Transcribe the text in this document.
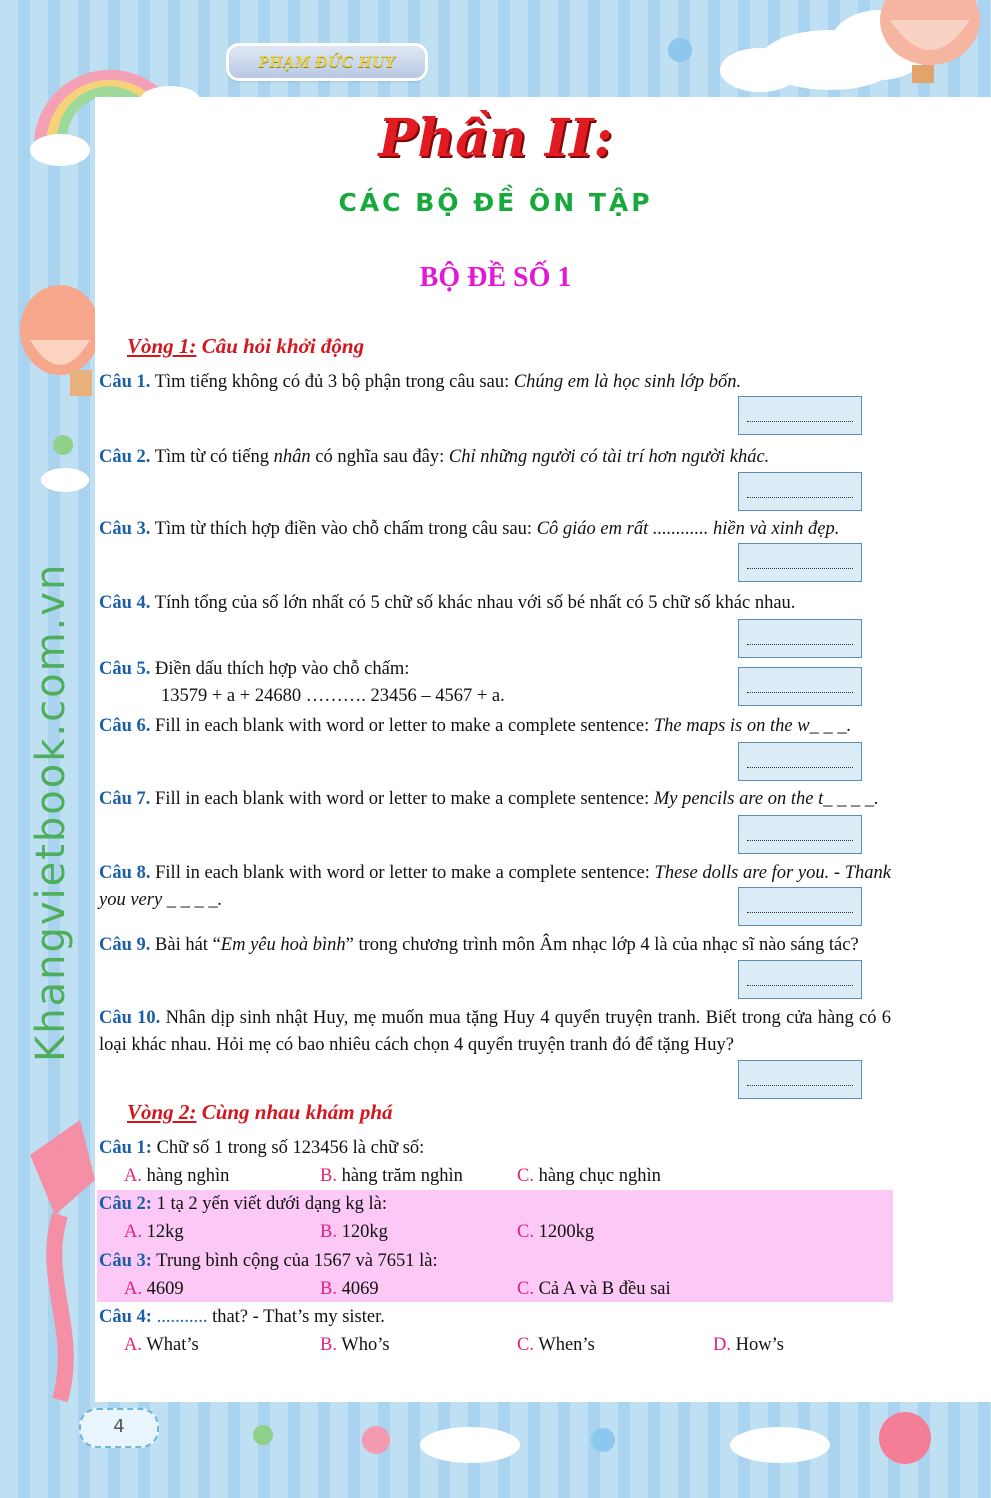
PHẠM ĐỨC HUY
Khangvietbook.com.vn
Phần II:
CÁC BỘ ĐỀ ÔN TẬP
BỘ ĐỀ SỐ 1
Vòng 1: Câu hỏi khởi động
Câu 1. Tìm tiếng không có đủ 3 bộ phận trong câu sau: Chúng em là học sinh lớp bốn.
Câu 2. Tìm từ có tiếng nhân có nghĩa sau đây: Chỉ những người có tài trí hơn người khác.
Câu 3. Tìm từ thích hợp điền vào chỗ chấm trong câu sau: Cô giáo em rất ............ hiền và xinh đẹp.
Câu 4. Tính tổng của số lớn nhất có 5 chữ số khác nhau với số bé nhất có 5 chữ số khác nhau.
Câu 5. Điền dấu thích hợp vào chỗ chấm:
13579 + a + 24680 ………. 23456 – 4567 + a.
Câu 6. Fill in each blank with word or letter to make a complete sentence: The maps is on the w_ _ _.
Câu 7. Fill in each blank with word or letter to make a complete sentence: My pencils are on the t_ _ _ _.
Câu 8. Fill in each blank with word or letter to make a complete sentence: These dolls are for you. - Thank you very _ _ _ _.
Câu 9. Bài hát “Em yêu hoà bình” trong chương trình môn Âm nhạc lớp 4 là của nhạc sĩ nào sáng tác?
Câu 10. Nhân dịp sinh nhật Huy, mẹ muốn mua tặng Huy 4 quyển truyện tranh. Biết trong cửa hàng có 6 loại khác nhau. Hỏi mẹ có bao nhiêu cách chọn 4 quyển truyện tranh đó để tặng Huy?
Vòng 2: Cùng nhau khám phá
Câu 1: Chữ số 1 trong số 123456 là chữ số:
A. hàng nghìn	B. hàng trăm nghìn	C. hàng chục nghìn
Câu 2: 1 tạ 2 yến viết dưới dạng kg là:
A. 12kg	B. 120kg	C. 1200kg
Câu 3: Trung bình cộng của 1567 và 7651 là:
A. 4609	B. 4069	C. Cả A và B đều sai
Câu 4: ........... that? - That’s my sister.
A. What’s	B. Who’s	C. When’s	D. How’s
4
